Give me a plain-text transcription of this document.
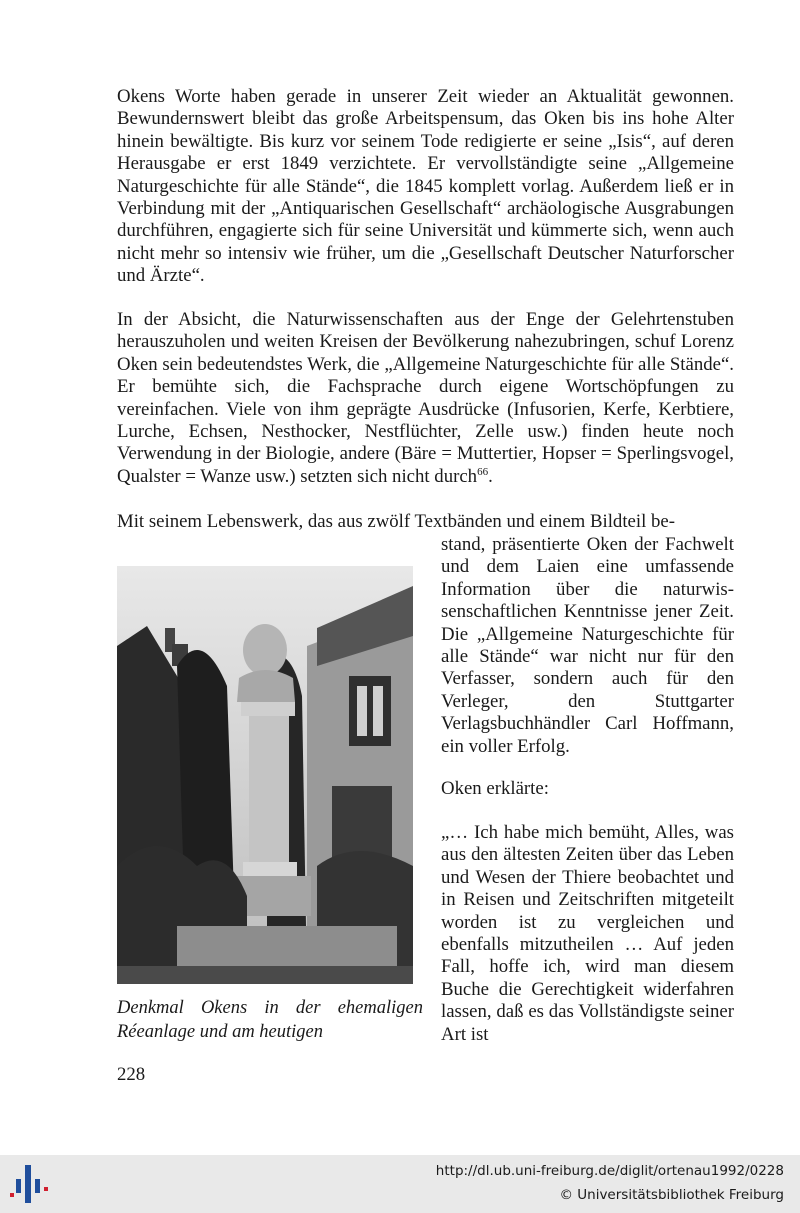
Okens Worte haben gerade in unserer Zeit wieder an Aktualität gewonnen. Bewundernswert bleibt das große Arbeitspensum, das Oken bis ins hohe Alter hinein bewältigte. Bis kurz vor seinem Tode redigierte er seine „Isis“, auf deren Herausgabe er erst 1849 verzichtete. Er vervollständigte seine „Allgemeine Naturgeschichte für alle Stände“, die 1845 komplett vorlag. Außerdem ließ er in Verbindung mit der „Antiquarischen Gesellschaft“ archäologische Ausgrabungen durchführen, engagierte sich für seine Universität und kümmerte sich, wenn auch nicht mehr so intensiv wie früher, um die „Gesellschaft Deutscher Naturforscher und Ärzte“.

In der Absicht, die Naturwissenschaften aus der Enge der Gelehrtenstuben herauszuholen und weiten Kreisen der Bevölkerung nahezubringen, schuf Lorenz Oken sein bedeutendstes Werk, die „Allgemeine Naturgeschichte für alle Stände“. Er bemühte sich, die Fachsprache durch eigene Wortschöpfungen zu vereinfachen. Viele von ihm geprägte Ausdrücke (Infusorien, Kerfe, Kerbtiere, Lurche, Echsen, Nesthocker, Nestflüchter, Zelle usw.) finden heute noch Verwendung in der Biologie, andere (Bäre = Muttertier, Hopser = Sperlingsvogel, Qualster = Wanze usw.) setzten sich nicht durch$^{66}$.

Mit seinem Lebenswerk, das aus zwölf Textbänden und einem Bildteil be-

stand, präsentierte Oken der Fachwelt und dem Laien eine umfassende Information über die naturwissenschaftlichen Kenntnisse jener Zeit. Die „Allgemeine Naturgeschichte für alle Stände“ war nicht nur für den Verfasser, sondern auch für den Verleger, den Stuttgarter Verlagsbuchhändler Carl Hoffmann, ein voller Erfolg.

Oken erklärte:

„… Ich habe mich bemüht, Alles, was aus den ältesten Zeiten über das Leben und Wesen der Thiere beobachtet und in Reisen und Zeitschriften mitgeteilt worden ist zu vergleichen und ebenfalls mitzutheilen … Auf jeden Fall, hoffe ich, wird man diesem Buche die Gerechtigkeit widerfahren lassen, daß es das Vollständigste seiner Art ist

Denkmal Okens in der ehemaligen Réeanlage und am heutigen

228

http://dl.ub.uni-freiburg.de/diglit/ortenau1992/0228
© Universitätsbibliothek Freiburg
